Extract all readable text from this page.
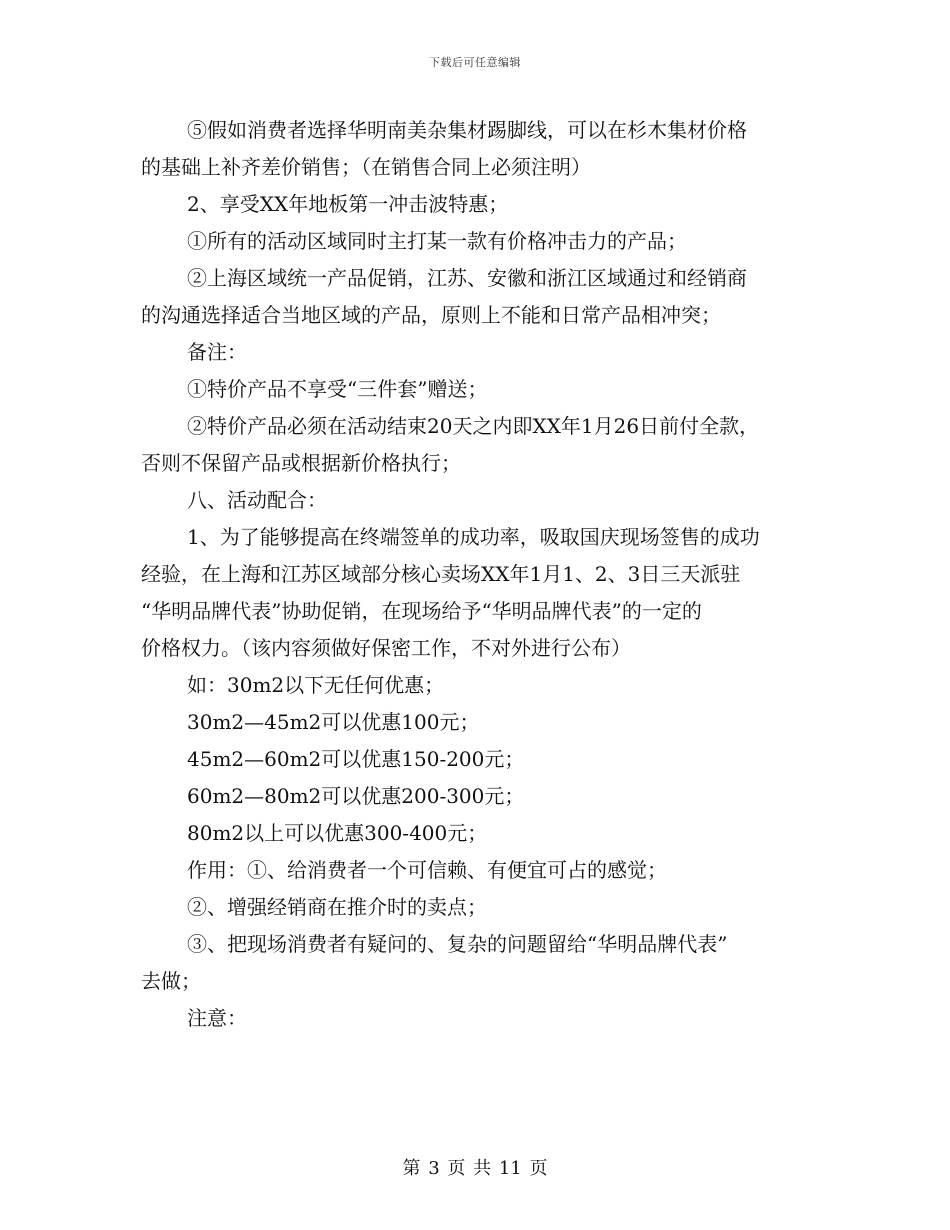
下载后可任意编辑

⑤假如消费者选择华明南美杂集材踢脚线，可以在杉木集材价格

的基础上补齐差价销售；（在销售合同上必须注明）

2、享受XX年地板第一冲击波特惠；

①所有的活动区域同时主打某一款有价格冲击力的产品；

②上海区域统一产品促销，江苏、安徽和浙江区域通过和经销商

的沟通选择适合当地区域的产品，原则上不能和日常产品相冲突；

备注：

①特价产品不享受“三件套”赠送；

②特价产品必须在活动结束20天之内即XX年1月26日前付全款，

否则不保留产品或根据新价格执行；

八、活动配合：

1、为了能够提高在终端签单的成功率，吸取国庆现场签售的成功

经验，在上海和江苏区域部分核心卖场XX年1月1、2、3日三天派驻

“华明品牌代表”协助促销，在现场给予“华明品牌代表”的一定的

价格权力。（该内容须做好保密工作，不对外进行公布）

如：30m2以下无任何优惠；

30m2—45m2可以优惠100元；

45m2—60m2可以优惠150-200元；

60m2—80m2可以优惠200-300元；

80m2以上可以优惠300-400元；

作用：①、给消费者一个可信赖、有便宜可占的感觉；

②、增强经销商在推介时的卖点；

③、把现场消费者有疑问的、复杂的问题留给“华明品牌代表”

去做；

注意：

第 3 页 共 11 页
